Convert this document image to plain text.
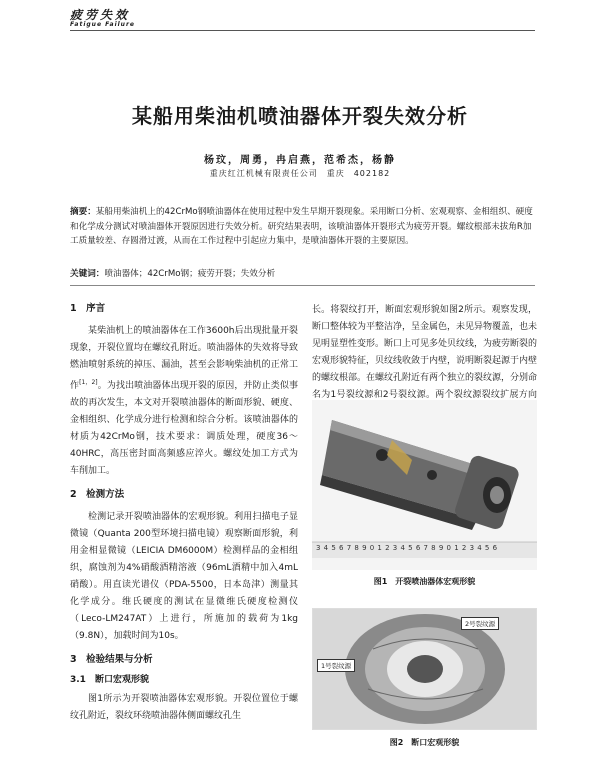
疲劳失效
Fatigue Failure
某船用柴油机喷油器体开裂失效分析
杨玟，周勇，冉启燕，范希杰，杨静
重庆红江机械有限责任公司　重庆　402182
摘要：某船用柴油机上的42CrMo钢喷油器体在使用过程中发生早期开裂现象。采用断口分析、宏观观察、金相组织、硬度和化学成分测试对喷油器体开裂原因进行失效分析。研究结果表明，该喷油器体开裂形式为疲劳开裂。螺纹根部未拔角R加工质量较差、存圆滑过渡，从而在工作过程中引起应力集中，是喷油器体开裂的主要原因。
关键词：喷油器体；42CrMo钢；疲劳开裂；失效分析
1　序言

某柴油机上的喷油器体在工作3600h后出现批量开裂现象，开裂位置均在螺纹孔附近。喷油器体的失效将导致燃油喷射系统的掉压、漏油，甚至会影响柴油机的正常工作[1，2]。为找出喷油器体出现开裂的原因，并防止类似事故的再次发生，本文对开裂喷油器体的断面形貌、硬度、金相组织、化学成分进行检测和综合分析。该喷油器体的材质为42CrMo钢，技术要求：调质处理，硬度36～40HRC，高压密封面高频感应淬火。螺纹处加工方式为车削加工。

2　检测方法

检测记录开裂喷油器体的宏观形貌。利用扫描电子显微镜（Quanta 200型环境扫描电镜）观察断面形貌，利用金相显微镜（LEICIA DM6000M）检测样品的金相组织，腐蚀剂为4%硝酸酒精溶液（96mL酒精中加入4mL硝酸）。用直读光谱仪（PDA-5500，日本岛津）测量其化学成分。维氏硬度的测试在显微维氏硬度检测仪（Leco-LM247AT）上进行，所施加的载荷为1kg（9.8N），加载时间为10s。

3　检验结果与分析
3.1　断口宏观形貌

图1所示为开裂喷油器体宏观形貌。开裂位置位于螺纹孔附近，裂纹环绕喷油器体侧面螺纹孔生

长。将裂纹打开，断面宏观形貌如图2所示。观察发现，断口整体较为平整洁净，呈金属色，未见异物覆盖，也未见明显塑性变形。断口上可见多处贝纹线，为疲劳断裂的宏观形貌特征，贝纹线收敛于内壁，说明断裂起源于内壁的螺纹根部。在螺纹孔附近有两个独立的裂纹源，分别命名为1号裂纹源和2号裂纹源。两个裂纹源裂纹扩展方向

3 4 5 6 7 8 9 0 1 2 3 4 5 6 7 8 9 0 1 2 3 4 5 6
图1　开裂喷油器体宏观形貌
2号裂纹源
1号裂纹源
图2　断口宏观形貌
